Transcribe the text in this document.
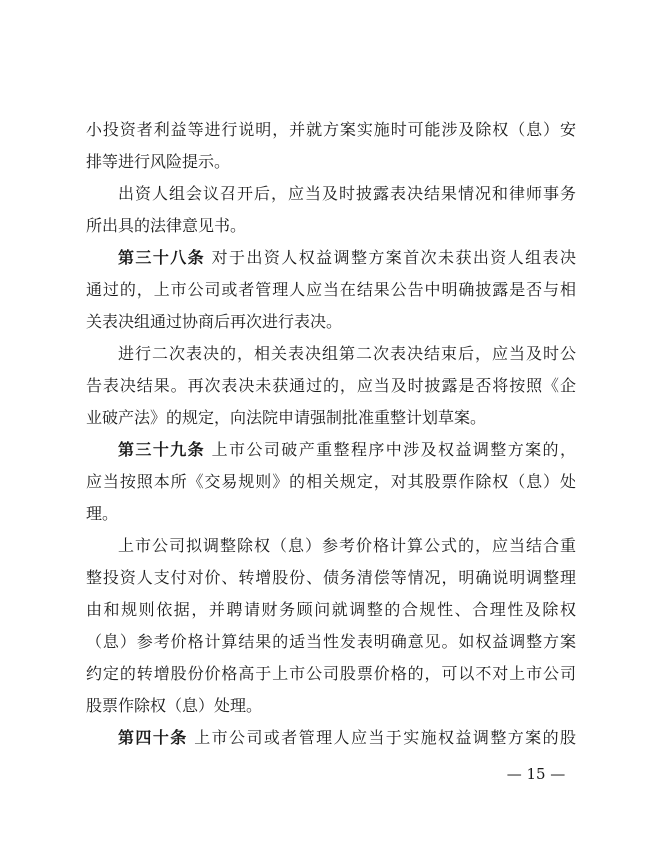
小投资者利益等进行说明，并就方案实施时可能涉及除权（息）安
排等进行风险提示。
出资人组会议召开后，应当及时披露表决结果情况和律师事务
所出具的法律意见书。
第三十八条 对于出资人权益调整方案首次未获出资人组表决
通过的，上市公司或者管理人应当在结果公告中明确披露是否与相
关表决组通过协商后再次进行表决。
进行二次表决的，相关表决组第二次表决结束后，应当及时公
告表决结果。再次表决未获通过的，应当及时披露是否将按照《企
业破产法》的规定，向法院申请强制批准重整计划草案。
第三十九条 上市公司破产重整程序中涉及权益调整方案的，
应当按照本所《交易规则》的相关规定，对其股票作除权（息）处
理。
上市公司拟调整除权（息）参考价格计算公式的，应当结合重
整投资人支付对价、转增股份、债务清偿等情况，明确说明调整理
由和规则依据，并聘请财务顾问就调整的合规性、合理性及除权
（息）参考价格计算结果的适当性发表明确意见。如权益调整方案
约定的转增股份价格高于上市公司股票价格的，可以不对上市公司
股票作除权（息）处理。
第四十条 上市公司或者管理人应当于实施权益调整方案的股
— 15 —
